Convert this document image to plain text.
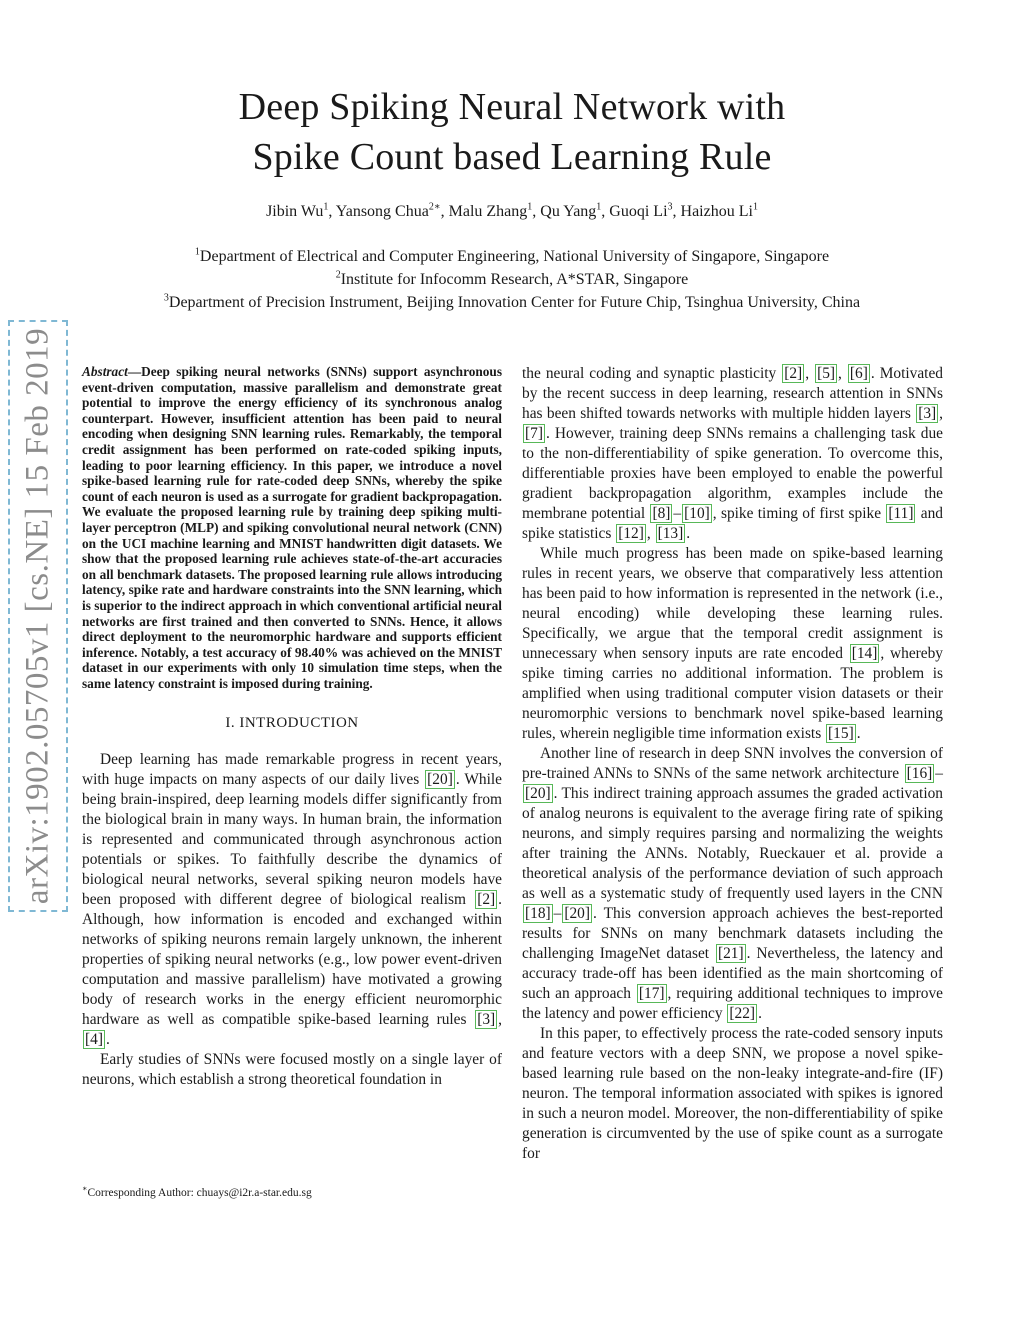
Deep Spiking Neural Network with
Spike Count based Learning Rule
Jibin Wu$^1$, Yansong Chua$^{2∗}$, Malu Zhang$^1$, Qu Yang$^1$, Guoqi Li$^3$, Haizhou Li$^1$
$^1$Department of Electrical and Computer Engineering, National University of Singapore, Singapore
$^2$Institute for Infocomm Research, A*STAR, Singapore
$^3$Department of Precision Instrument, Beijing Innovation Center for Future Chip, Tsinghua University, China
arXiv:1902.05705v1 [cs.NE] 15 Feb 2019 Abstract—Deep spiking neural networks (SNNs) support asynchronous event-driven computation, massive parallelism and demonstrate great potential to improve the energy efficiency of its synchronous analog counterpart. However, insufficient attention has been paid to neural encoding when designing SNN learning rules. Remarkably, the temporal credit assignment has been performed on rate-coded spiking inputs, leading to poor learning efficiency. In this paper, we introduce a novel spike-based learning rule for rate-coded deep SNNs, whereby the spike count of each neuron is used as a surrogate for gradient backpropagation. We evaluate the proposed learning rule by training deep spiking multi-layer perceptron (MLP) and spiking convolutional neural network (CNN) on the UCI machine learning and MNIST handwritten digit datasets. We show that the proposed learning rule achieves state-of-the-art accuracies on all benchmark datasets. The proposed learning rule allows introducing latency, spike rate and hardware constraints into the SNN learning, which is superior to the indirect approach in which conventional artificial neural networks are first trained and then converted to SNNs. Hence, it allows direct deployment to the neuromorphic hardware and supports efficient inference. Notably, a test accuracy of 98.40% was achieved on the MNIST dataset in our experiments with only 10 simulation time steps, when the same latency constraint is imposed during training.

I. INTRODUCTION

Deep learning has made remarkable progress in recent years, with huge impacts on many aspects of our daily lives [20] . While being brain-inspired, deep learning models differ significantly from the biological brain in many ways. In human brain, the information is represented and communicated through asynchronous action potentials or spikes. To faithfully describe the dynamics of biological neural networks, several spiking neuron models have been proposed with different degree of biological realism [2] . Although, how information is encoded and exchanged within networks of spiking neurons remain largely unknown, the inherent properties of spiking neural networks (e.g., low power event-driven computation and massive parallelism) have motivated a growing body of research works in the energy efficient neuromorphic hardware as well as compatible spike-based learning rules [3] , [4] .

Early studies of SNNs were focused mostly on a single layer of neurons, which establish a strong theoretical foundation in

the neural coding and synaptic plasticity [2] , [5] , [6] . Motivated by the recent success in deep learning, research attention in SNNs has been shifted towards networks with multiple hidden layers [3] , [7] . However, training deep SNNs remains a challenging task due to the non-differentiability of spike generation. To overcome this, differentiable proxies have been employed to enable the powerful gradient backpropagation algorithm, examples include the membrane potential [8] – [10] , spike timing of first spike [11] and spike statistics [12] , [13] .

While much progress has been made on spike-based learning rules in recent years, we observe that comparatively less attention has been paid to how information is represented in the network (i.e., neural encoding) while developing these learning rules. Specifically, we argue that the temporal credit assignment is unnecessary when sensory inputs are rate encoded [14] , whereby spike timing carries no additional information. The problem is amplified when using traditional computer vision datasets or their neuromorphic versions to benchmark novel spike-based learning rules, wherein negligible time information exists [15] .

Another line of research in deep SNN involves the conversion of pre-trained ANNs to SNNs of the same network architecture [16] –[20] . This indirect training approach assumes the graded activation of analog neurons is equivalent to the average firing rate of spiking neurons, and simply requires parsing and normalizing the weights after training the ANNs. Notably, Rueckauer et al. provide a theoretical analysis of the performance deviation of such approach as well as a systematic study of frequently used layers in the CNN [18] – [20] . This conversion approach achieves the best-reported results for SNNs on many benchmark datasets including the challenging ImageNet dataset [21] . Nevertheless, the latency and accuracy trade-off has been identified as the main shortcoming of such an approach [17] , requiring additional techniques to improve the latency and power efficiency [22] .

In this paper, to effectively process the rate-coded sensory inputs and feature vectors with a deep SNN, we propose a novel spike-based learning rule based on the non-leaky integrate-and-fire (IF) neuron. The temporal information associated with spikes is ignored in such a neuron model. Moreover, the non-differentiability of spike generation is circumvented by the use of spike count as a surrogate for

∗Corresponding Author: chuays@i2r.a-star.edu.sg
